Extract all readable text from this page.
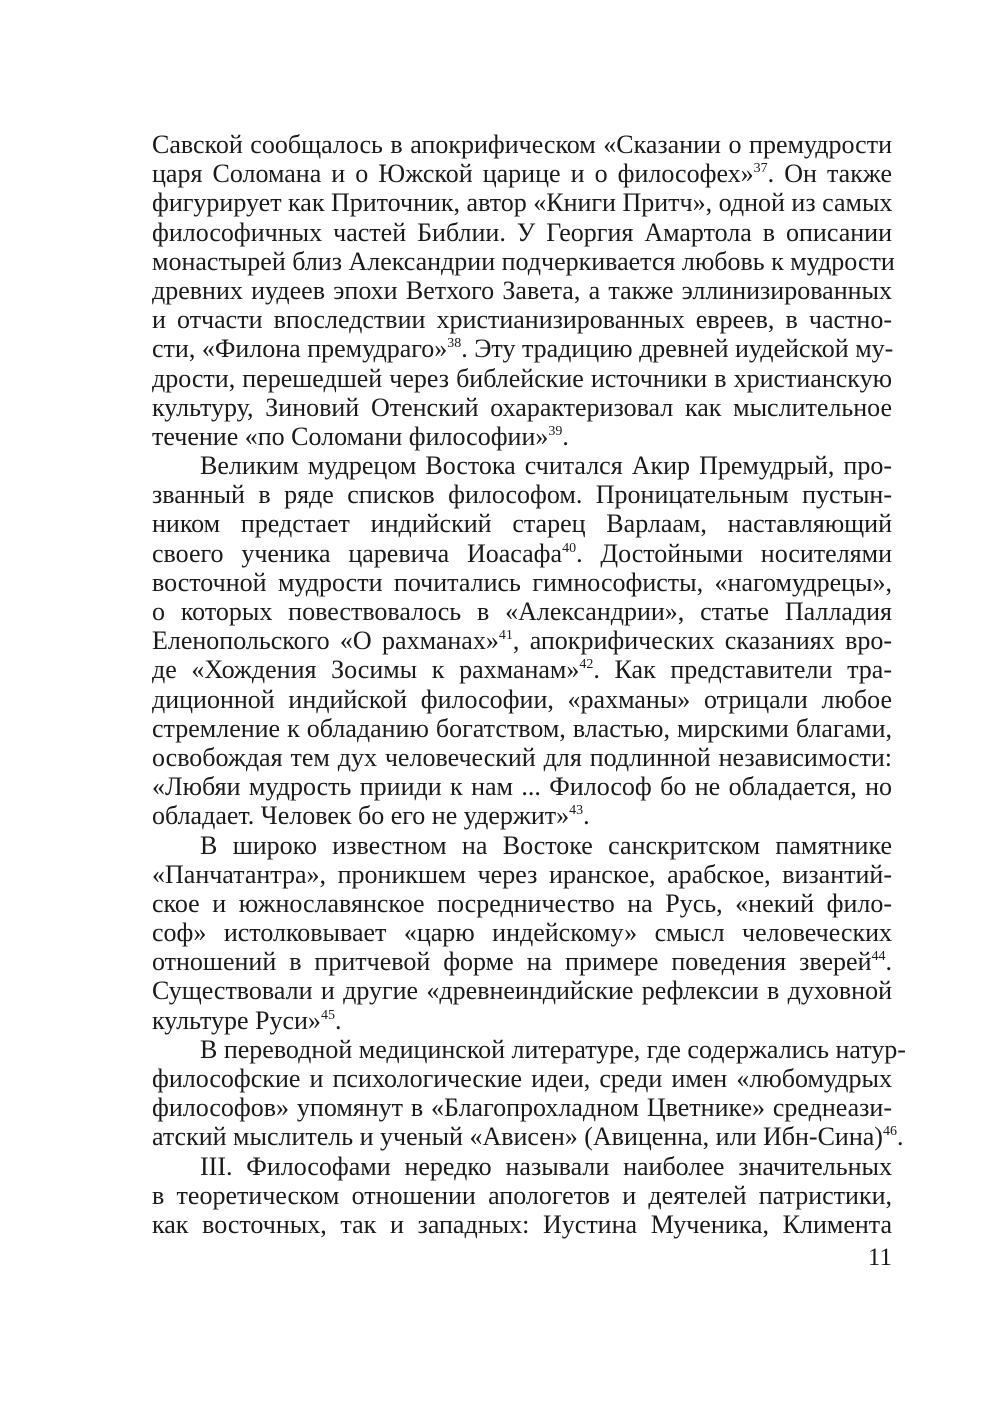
Савской сообщалось в апокрифическом «Сказании о премудрости
царя Соломана и о Южской царице и о философех»$^{37}$. Он также
фигурирует как Приточник, автор «Книги Притч», одной из самых
философичных частей Библии. У Георгия Амартола в описании
монастырей близ Александрии подчеркивается любовь к мудрости
древних иудеев эпохи Ветхого Завета, а также эллинизированных
и отчасти впоследствии христианизированных евреев, в частно-
сти, «Филона премудраго»$^{38}$. Эту традицию древней иудейской му-
дрости, перешедшей через библейские источники в христианскую
культуру, Зиновий Отенский охарактеризовал как мыслительное
течение «по Соломани философии»$^{39}$.
Великим мудрецом Востока считался Акир Премудрый, про-
званный в ряде списков философом. Проницательным пустын-
ником предстает индийский старец Варлаам, наставляющий
своего ученика царевича Иоасафа$^{40}$. Достойными носителями
восточной мудрости почитались гимнософисты, «нагомудрецы»,
о которых повествовалось в «Александрии», статье Палладия
Еленопольского «О рахманах»$^{41}$, апокрифических сказаниях вро-
де «Хождения Зосимы к рахманам»$^{42}$. Как представители тра-
диционной индийской философии, «рахманы» отрицали любое
стремление к обладанию богатством, властью, мирскими благами,
освобождая тем дух человеческий для подлинной независимости:
«Любяи мудрость прииди к нам ... Философ бо не обладается, но
обладает. Человек бо его не удержит»$^{43}$.
В широко известном на Востоке санскритском памятнике
«Панчатантра», проникшем через иранское, арабское, византий-
ское и южнославянское посредничество на Русь, «некий фило-
соф» истолковывает «царю индейскому» смысл человеческих
отношений в притчевой форме на примере поведения зверей$^{44}$.
Существовали и другие «древнеиндийские рефлексии в духовной
культуре Руси»$^{45}$.
В переводной медицинской литературе, где содержались натур-
философские и психологические идеи, среди имен «любомудрых
философов» упомянут в «Благопрохладном Цветнике» среднеази-
атский мыслитель и ученый «Ависен» (Авиценна, или Ибн-Сина)$^{46}$.
III. Философами нередко называли наиболее значительных
в теоретическом отношении апологетов и деятелей патристики,
как восточных, так и западных: Иустина Мученика, Климента
11
